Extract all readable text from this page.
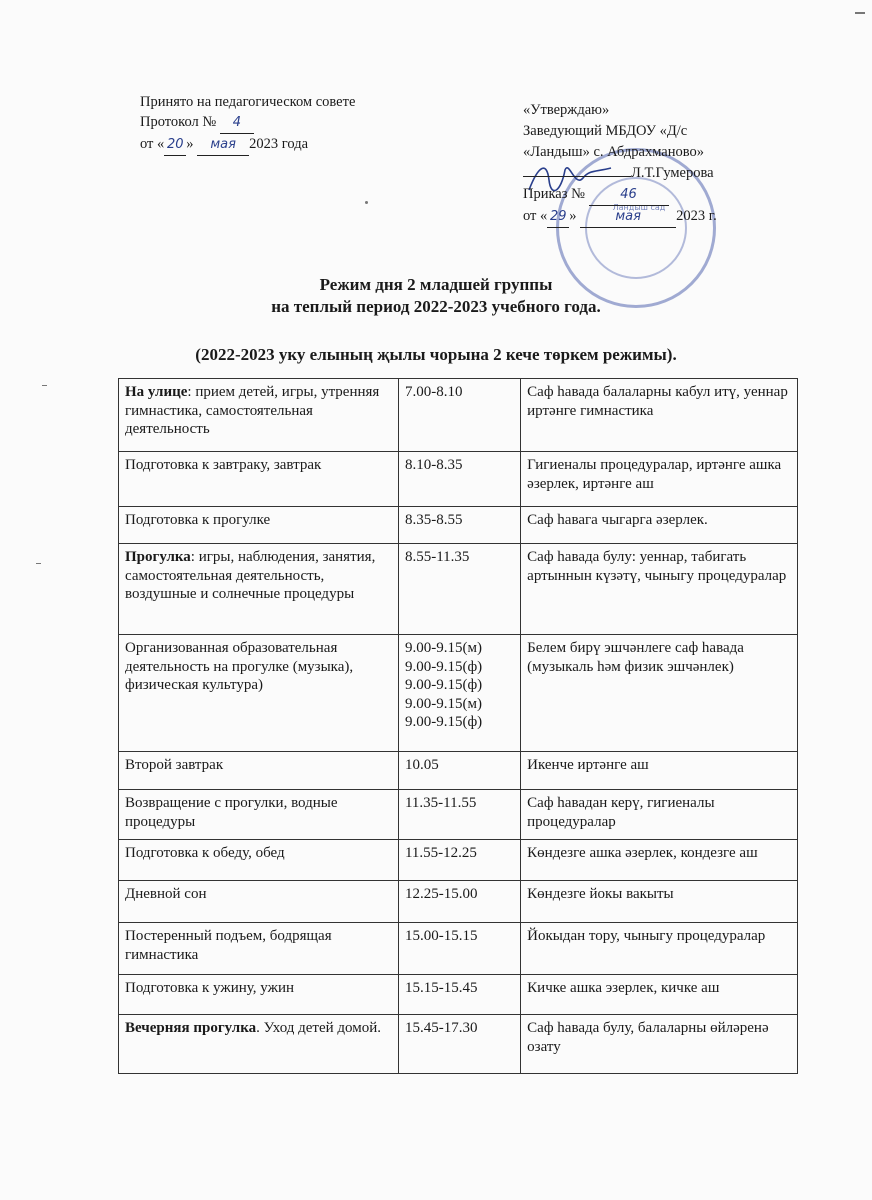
Принято на педагогическом совете
Протокол № 4
от « 20 » мая 2023 года
Ландыш сад
«Утверждаю»
Заведующий МБДОУ «Д/с
«Ландыш» с. Абдрахманово»
Л.Т.Гумерова
Приказ №	46
от « 29 »	мая 2023 г.
Режим дня 2 младшей группы
на теплый период 2022-2023 учебного года.
(2022-2023 уку елының җылы чорына 2 кече төркем режимы).
На улице: прием детей, игры, утренняя гимнастика, самостоятельная деятельность	7.00-8.10	Саф һавада балаларны кабул итү, уеннар иртәнге гимнастика
Подготовка к завтраку, завтрак	8.10-8.35	Гигиеналы процедуралар, иртәнге ашка әзерлек, иртәнге аш
Подготовка к прогулке	8.35-8.55	Саф һавага чыгарга әзерлек.
Прогулка: игры, наблюдения, занятия, самостоятельная деятельность, воздушные и солнечные процедуры	8.55-11.35	Саф һавада булу: уеннар, табигать артыннын күзәтү, чыныгу процедуралар
Организованная образовательная деятельность на прогулке (музыка), физическая культура)	9.00-9.15(м)
9.00-9.15(ф)
9.00-9.15(ф)
9.00-9.15(м)
9.00-9.15(ф)	Белем бирү эшчәнлеге саф һавада (музыкаль һәм физик эшчәнлек)
Второй завтрак	10.05	Икенче иртәнге аш
Возвращение с прогулки, водные процедуры	11.35-11.55	Саф һавадан керү, гигиеналы процедуралар
Подготовка к обеду, обед	11.55-12.25	Көндезге ашка әзерлек, кондезге аш
Дневной сон	12.25-15.00	Көндезге йокы вакыты
Постеренный подъем, бодрящая гимнастика	15.00-15.15	Йокыдан тору, чыныгу процедуралар
Подготовка к ужину, ужин	15.15-15.45	Кичке ашка эзерлек, кичке аш
Вечерняя прогулка. Уход детей домой.	15.45-17.30	Саф һавада булу, балаларны өйләренә озату
